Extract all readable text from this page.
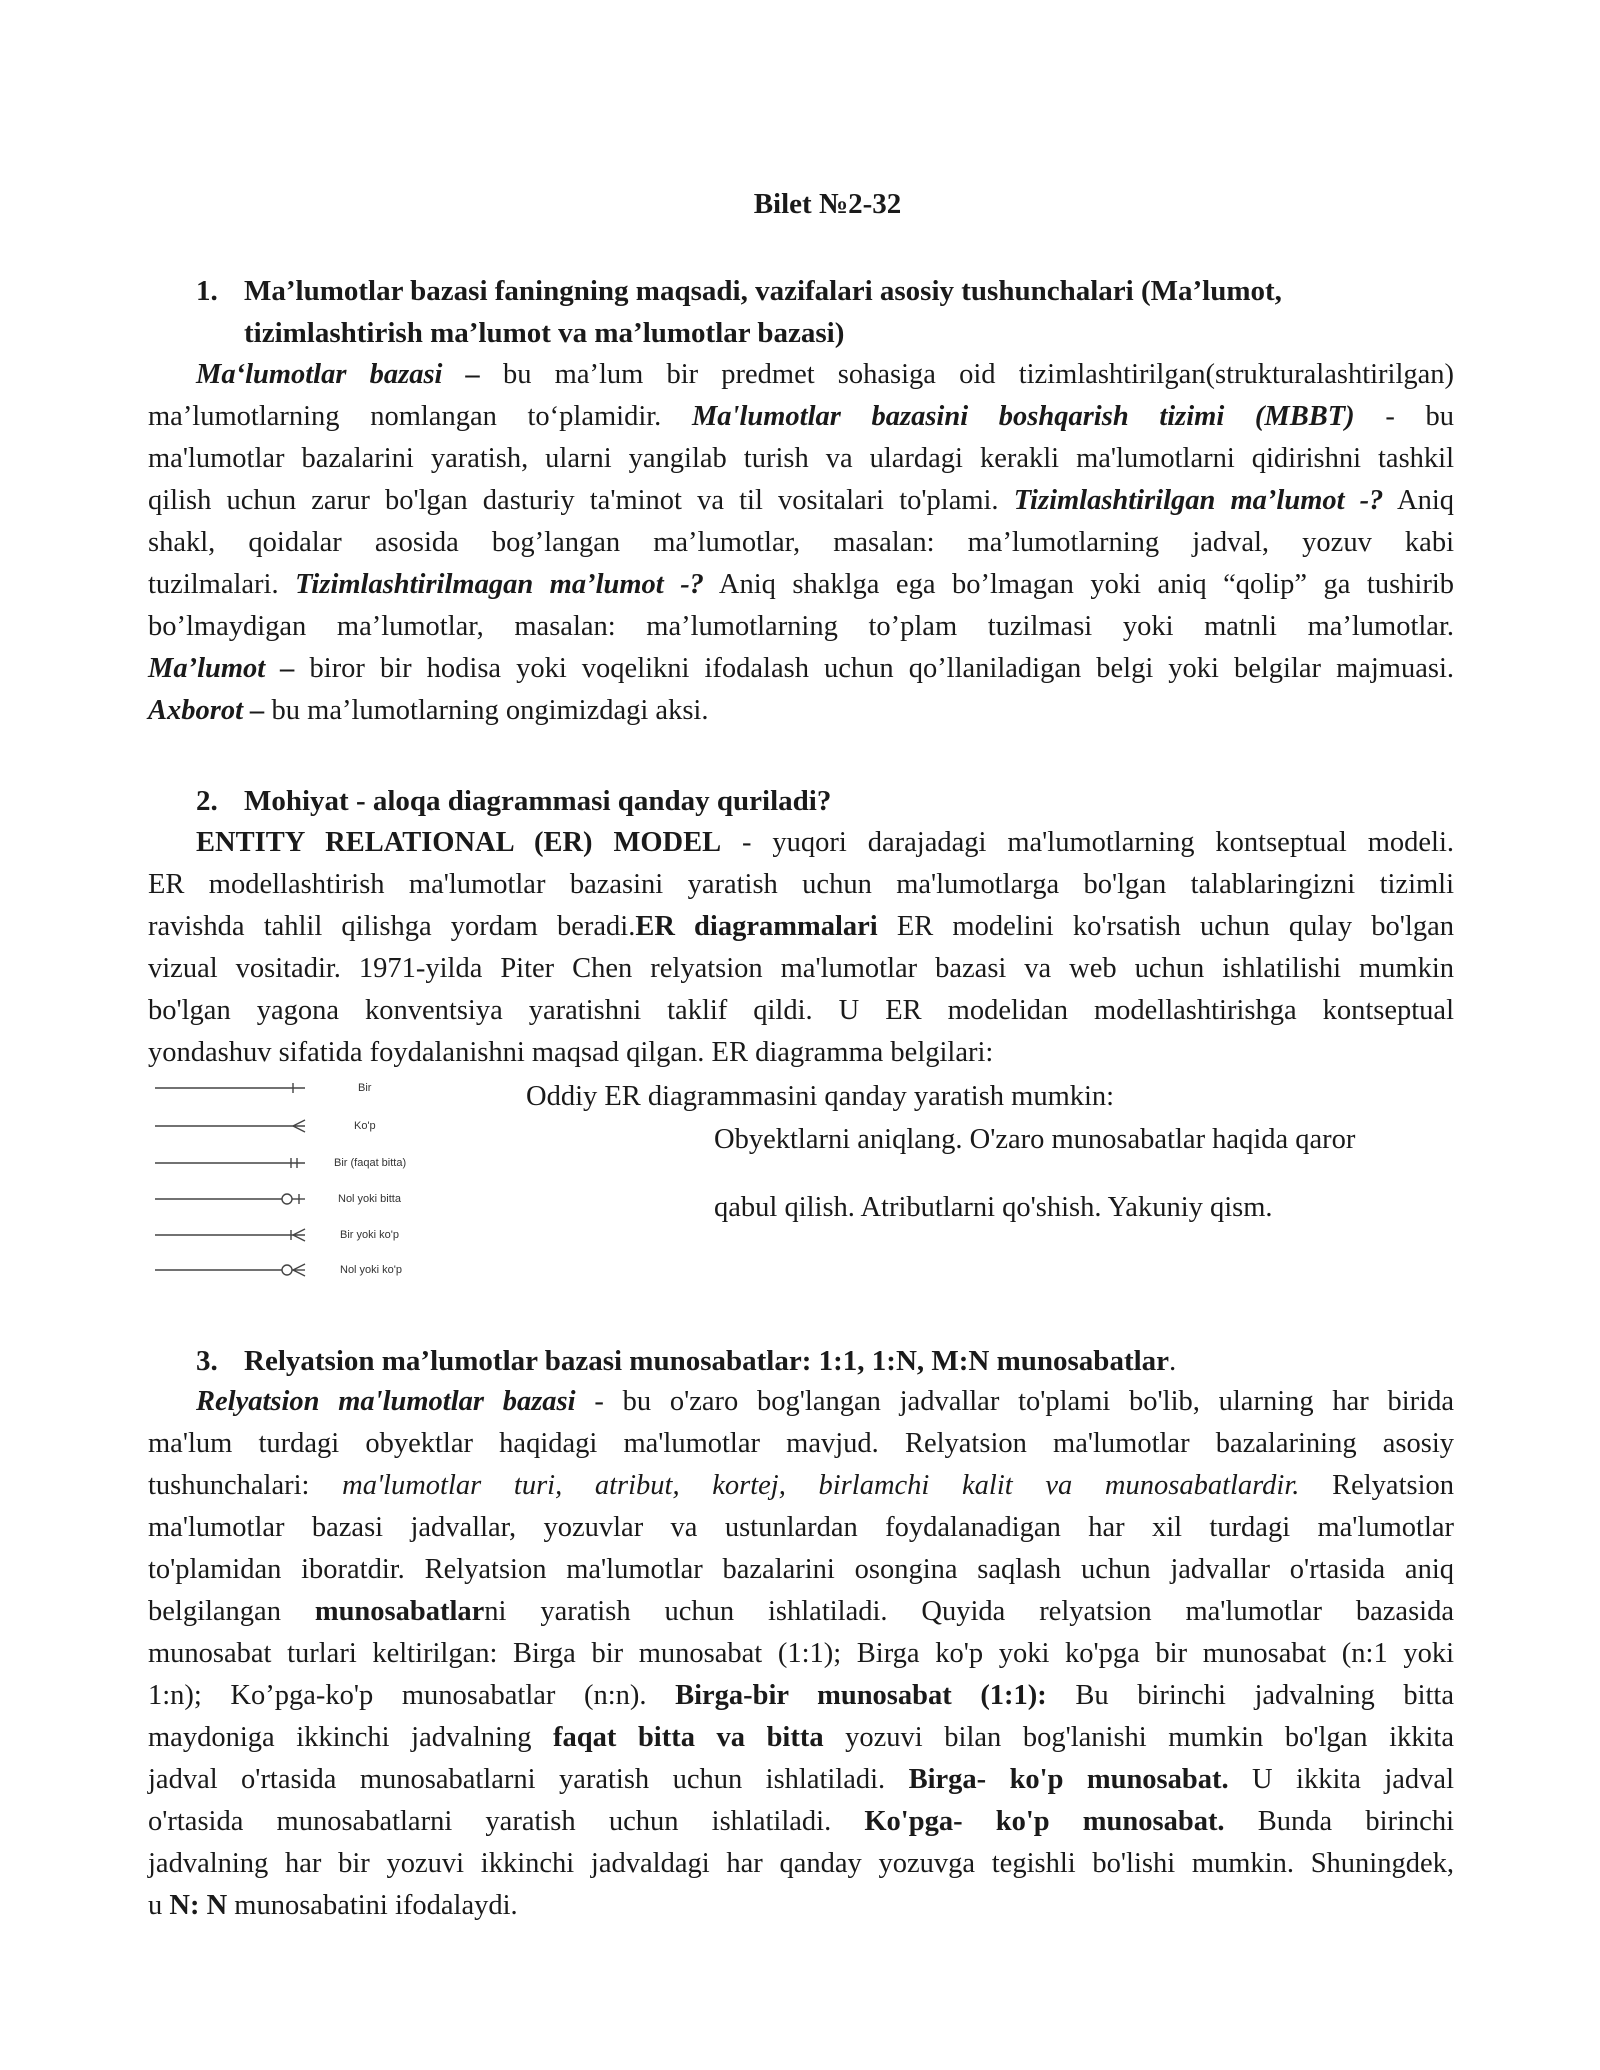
Bilet №2-32
1. Ma’lumotlar bazasi faningning maqsadi, vazifalari asosiy tushunchalari (Ma’lumot,
tizimlashtirish ma’lumot va ma’lumotlar bazasi)
Ma‘lumotlar bazasi – bu ma’lum bir predmet sohasiga oid tizimlashtirilgan(strukturalashtirilgan)
ma’lumotlarning nomlangan to‘plamidir. Ma'lumotlar bazasini boshqarish tizimi (MBBT) - bu
ma'lumotlar bazalarini yaratish, ularni yangilab turish va ulardagi kerakli ma'lumotlarni qidirishni tashkil
qilish uchun zarur bo'lgan dasturiy ta'minot va til vositalari to'plami. Tizimlashtirilgan ma’lumot -? Aniq
shakl, qoidalar asosida bog’langan ma’lumotlar, masalan: ma’lumotlarning jadval, yozuv kabi
tuzilmalari. Tizimlashtirilmagan ma’lumot -? Aniq shaklga ega bo’lmagan yoki aniq “qolip” ga tushirib
bo’lmaydigan ma’lumotlar, masalan: ma’lumotlarning to’plam tuzilmasi yoki matnli ma’lumotlar.
Ma’lumot – biror bir hodisa yoki voqelikni ifodalash uchun qo’llaniladigan belgi yoki belgilar majmuasi.
Axborot – bu ma’lumotlarning ongimizdagi aksi.
2. Mohiyat - aloqa diagrammasi qanday quriladi?
ENTITY RELATIONAL (ER) MODEL - yuqori darajadagi ma'lumotlarning kontseptual modeli.
ER modellashtirish ma'lumotlar bazasini yaratish uchun ma'lumotlarga bo'lgan talablaringizni tizimli
ravishda tahlil qilishga yordam beradi.ER diagrammalari ER modelini ko'rsatish uchun qulay bo'lgan
vizual vositadir. 1971-yilda Piter Chen relyatsion ma'lumotlar bazasi va web uchun ishlatilishi mumkin
bo'lgan yagona konventsiya yaratishni taklif qildi. U ER modelidan modellashtirishga kontseptual
yondashuv sifatida foydalanishni maqsad qilgan. ER diagramma belgilari:
Bir
Ko'p
Bir (faqat bitta)
Nol yoki bitta
Bir yoki ko'p
Nol yoki ko'p
Oddiy ER diagrammasini qanday yaratish mumkin:
Obyektlarni aniqlang. O'zaro munosabatlar haqida qaror
qabul qilish. Atributlarni qo'shish. Yakuniy qism.
3. Relyatsion ma’lumotlar bazasi munosabatlar: 1:1, 1:N, M:N munosabatlar.
Relyatsion ma'lumotlar bazasi - bu o'zaro bog'langan jadvallar to'plami bo'lib, ularning har birida
ma'lum turdagi obyektlar haqidagi ma'lumotlar mavjud. Relyatsion ma'lumotlar bazalarining asosiy
tushunchalari: ma'lumotlar turi, atribut, kortej, birlamchi kalit va munosabatlardir. Relyatsion
ma'lumotlar bazasi jadvallar, yozuvlar va ustunlardan foydalanadigan har xil turdagi ma'lumotlar
to'plamidan iboratdir. Relyatsion ma'lumotlar bazalarini osongina saqlash uchun jadvallar o'rtasida aniq
belgilangan munosabatlarni yaratish uchun ishlatiladi. Quyida relyatsion ma'lumotlar bazasida
munosabat turlari keltirilgan: Birga bir munosabat (1:1); Birga ko'p yoki ko'pga bir munosabat (n:1 yoki
1:n); Ko’pga-ko'p munosabatlar (n:n). Birga-bir munosabat (1:1): Bu birinchi jadvalning bitta
maydoniga ikkinchi jadvalning faqat bitta va bitta yozuvi bilan bog'lanishi mumkin bo'lgan ikkita
jadval o'rtasida munosabatlarni yaratish uchun ishlatiladi. Birga- ko'p munosabat. U ikkita jadval
o'rtasida munosabatlarni yaratish uchun ishlatiladi. Ko'pga- ko'p munosabat. Bunda birinchi
jadvalning har bir yozuvi ikkinchi jadvaldagi har qanday yozuvga tegishli bo'lishi mumkin. Shuningdek,
u N: N munosabatini ifodalaydi.
